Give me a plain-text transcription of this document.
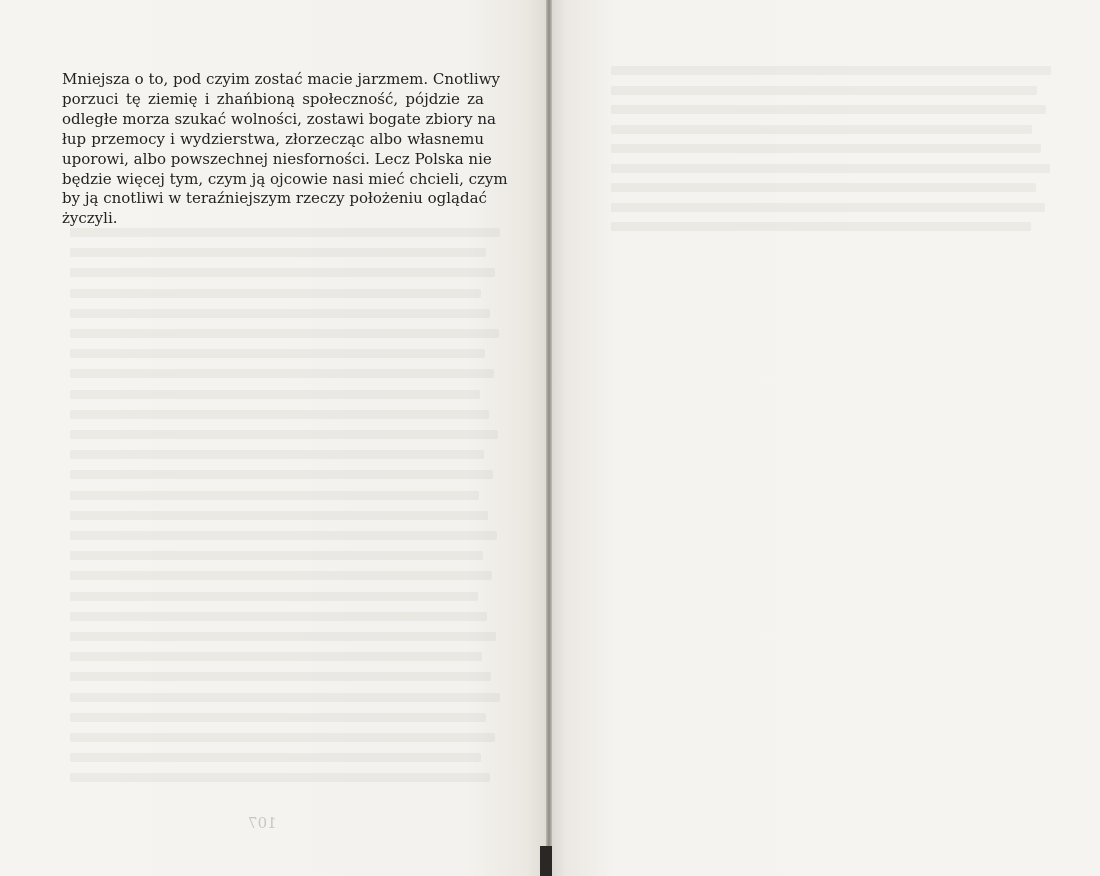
Mniejsza o to, pod czyim zostać macie jarzmem. Cnotliwy
porzuci tę ziemię i zhańbioną społeczność, pójdzie za
odległe morza szukać wolności, zostawi bogate zbiory na
łup przemocy i wydzierstwa, złorzecząc albo własnemu
uporowi, albo powszechnej niesforności. Lecz Polska nie
będzie więcej tym, czym ją ojcowie nasi mieć chcieli, czym
by ją cnotliwi w teraźniejszym rzeczy położeniu oglądać
życzyli.
107
